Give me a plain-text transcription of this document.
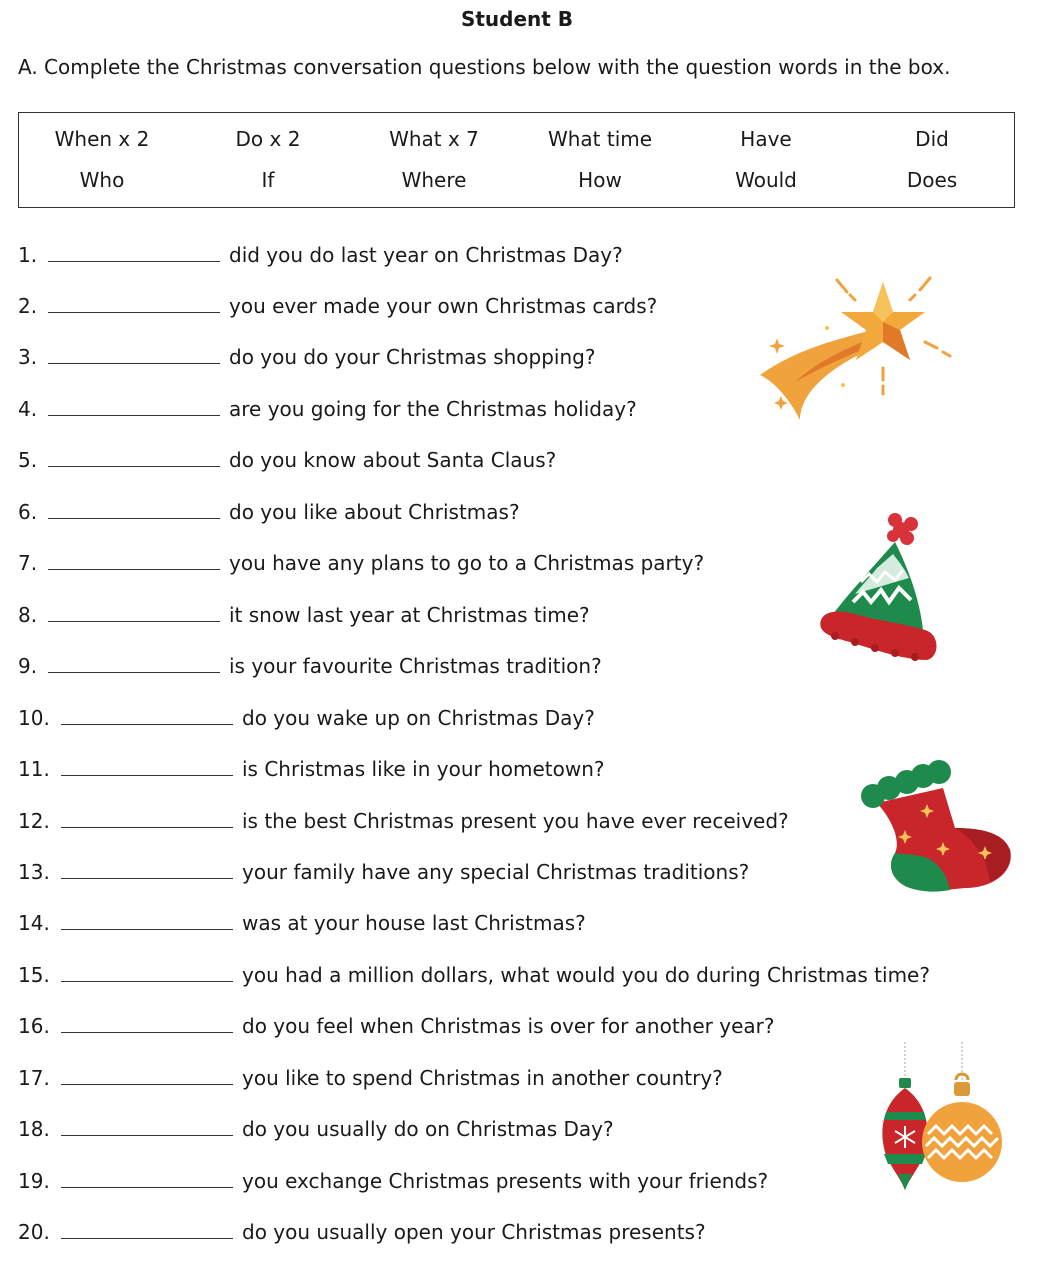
Student B
A. Complete the Christmas conversation questions below with the question words in the box.
When x 2	Do x 2	What x 7	What time	Have	Did
Who	If	Where	How	Would	Does
1.	did you do last year on Christmas Day?
2.	you ever made your own Christmas cards?
3.	do you do your Christmas shopping?
4.	are you going for the Christmas holiday?
5.	do you know about Santa Claus?
6.	do you like about Christmas?
7.	you have any plans to go to a Christmas party?
8.	it snow last year at Christmas time?
9.	is your favourite Christmas tradition?
10.	do you wake up on Christmas Day?
11.	is Christmas like in your hometown?
12.	is the best Christmas present you have ever received?
13.	your family have any special Christmas traditions?
14.	was at your house last Christmas?
15.	you had a million dollars, what would you do during Christmas time?
16.	do you feel when Christmas is over for another year?
17.	you like to spend Christmas in another country?
18.	do you usually do on Christmas Day?
19.	you exchange Christmas presents with your friends?
20.	do you usually open your Christmas presents?
